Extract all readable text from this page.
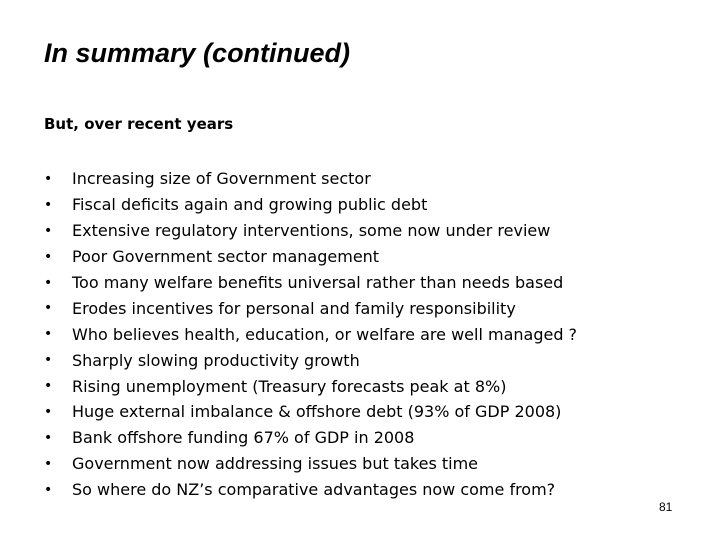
In summary (continued)

But, over recent years

•	Increasing size of Government sector
•	Fiscal deficits again and growing public debt
•	Extensive regulatory interventions, some now under review
•	Poor Government sector management
•	Too many welfare benefits universal rather than needs based
•	Erodes incentives for personal and family responsibility
•	Who believes health, education, or welfare are well managed ?
•	Sharply slowing productivity growth
•	Rising unemployment (Treasury forecasts peak at 8%)
•	Huge external imbalance & offshore debt (93% of GDP 2008)
•	Bank offshore funding 67% of GDP in 2008
•	Government now addressing issues but takes time
•	So where do NZ’s comparative advantages now come from?
81
